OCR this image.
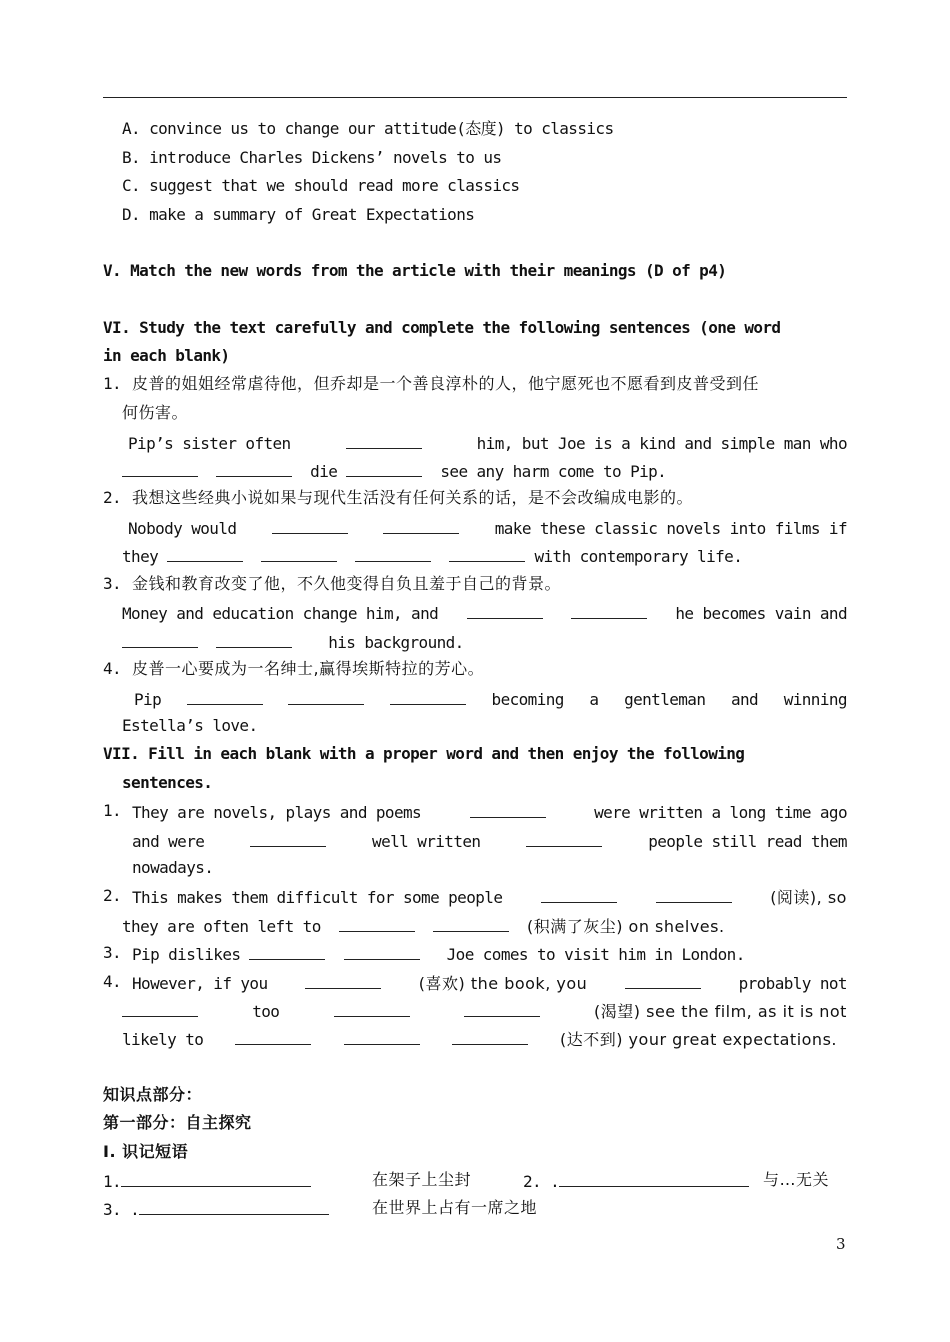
A. convince us to change our attitude(态度) to classics
B. introduce Charles Dickens’ novels to us
C. suggest that we should read more classics
D. make a summary of Great Expectations
V. Match the new words from the article with their meanings (D of p4)
VI. Study the text carefully and complete the following sentences (one word
in each blank)
1. 皮普的姐姐经常虐待他，但乔却是一个善良淳朴的人，他宁愿死也不愿看到皮普受到任
何伤害。
Pip’s sister often	him, but Joe is a kind and simple man who
die	see any harm come to Pip.
2. 我想这些经典小说如果与现代生活没有任何关系的话，是不会改编成电影的。
Nobody would	make these classic novels into films if
they	with contemporary life.
3. 金钱和教育改变了他，不久他变得自负且羞于自己的背景。
Money and education change him, and	he becomes vain and
his background.
4. 皮普一心要成为一名绅士,赢得埃斯特拉的芳心。
Pip	becoming a gentleman and winning
Estella’s love.
VII. Fill in each blank with a proper word and then enjoy the following
sentences.
1. They are novels, plays and poems	were written a long time ago
and were	well written	people still read them
nowadays.
2. This makes them difficult for some people	(阅读), so
they are often left to	(积满了灰尘) on shelves.
3. Pip dislikes	Joe comes to visit him in London.
4. However, if you	(喜欢) the book, you	probably not
too	(渴望) see the film, as it is not
likely to	(达不到) your great expectations.
知识点部分：
第一部分：自主探究
I. 识记短语
1.	在架子上尘封	2. .	与…无关
3. .	在世界上占有一席之地
3
